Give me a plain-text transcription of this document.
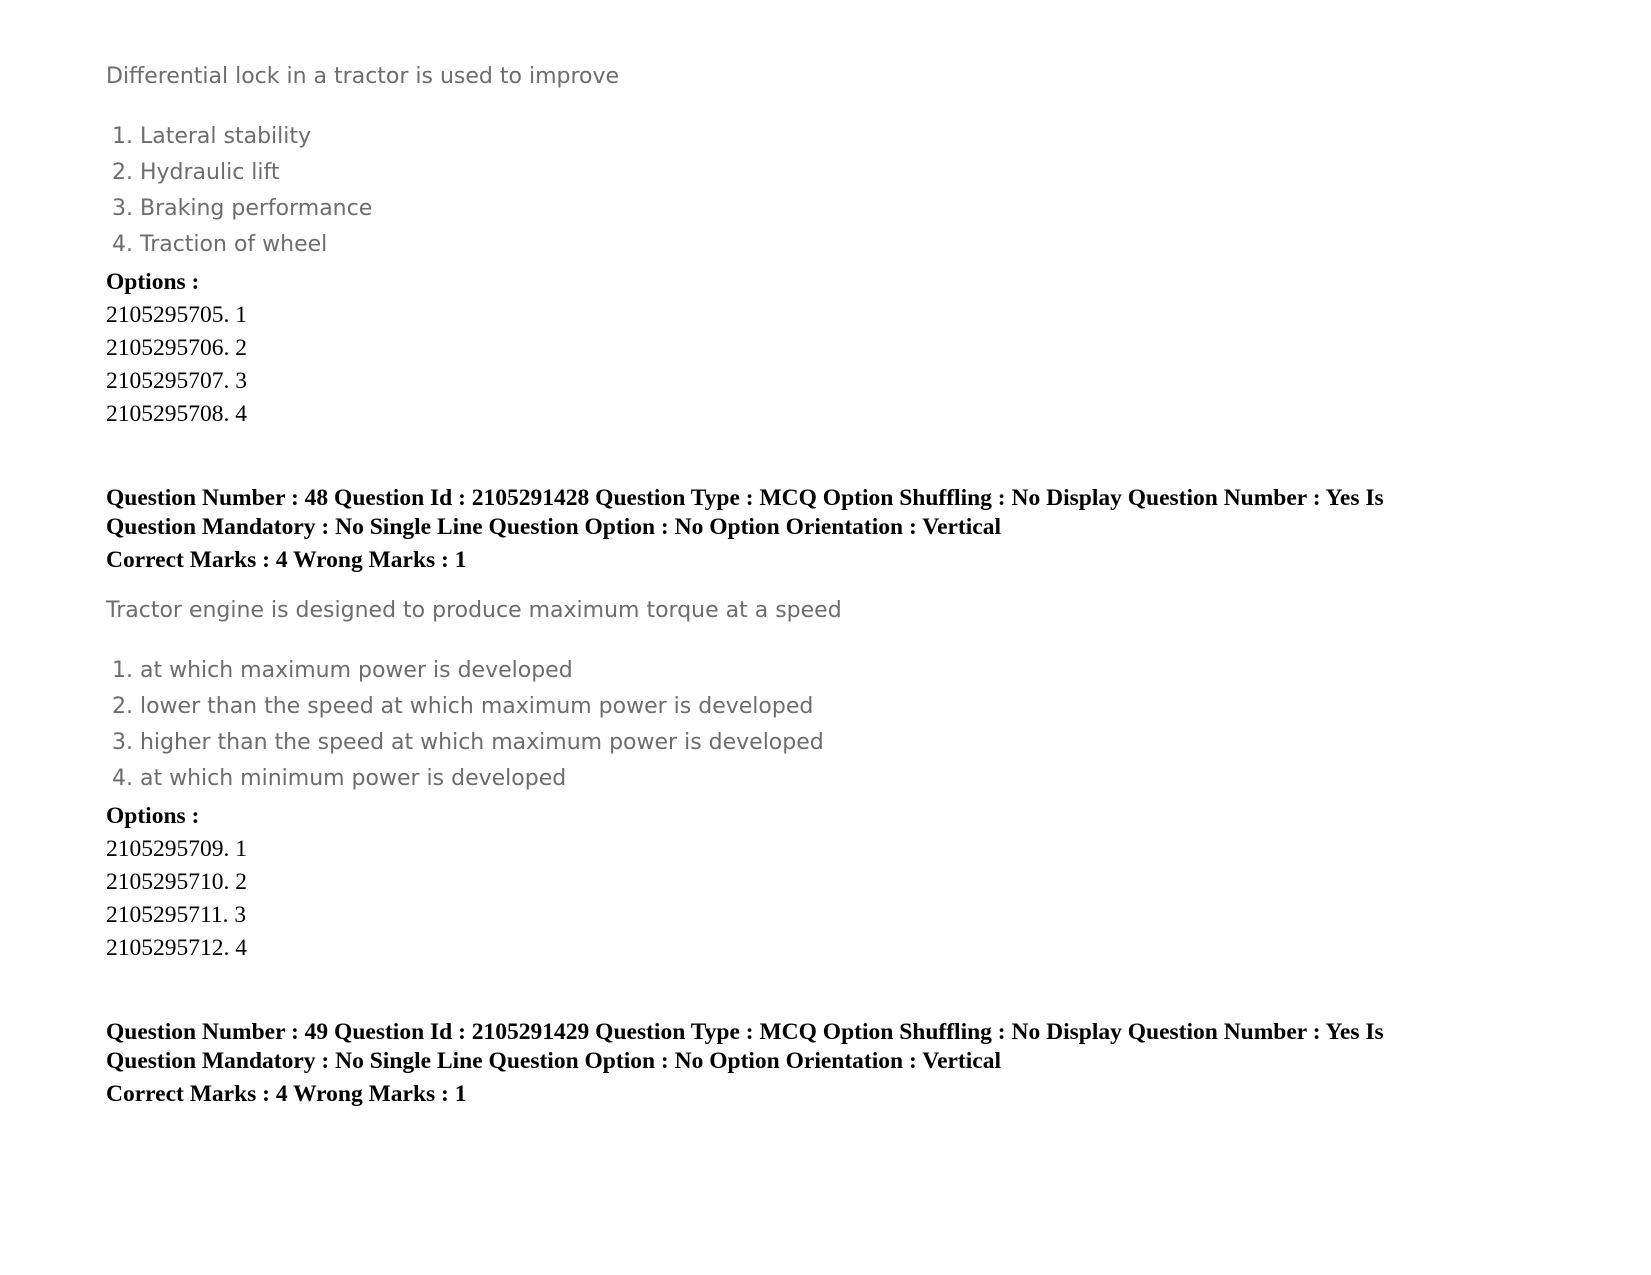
Differential lock in a tractor is used to improve
1. Lateral stability
2. Hydraulic lift
3. Braking performance
4. Traction of wheel
Options :
2105295705. 1
2105295706. 2
2105295707. 3
2105295708. 4
Question Number : 48 Question Id : 2105291428 Question Type : MCQ Option Shuffling : No Display Question Number : Yes Is
Question Mandatory : No Single Line Question Option : No Option Orientation : Vertical
Correct Marks : 4 Wrong Marks : 1
Tractor engine is designed to produce maximum torque at a speed
1. at which maximum power is developed
2. lower than the speed at which maximum power is developed
3. higher than the speed at which maximum power is developed
4. at which minimum power is developed
Options :
2105295709. 1
2105295710. 2
2105295711. 3
2105295712. 4
Question Number : 49 Question Id : 2105291429 Question Type : MCQ Option Shuffling : No Display Question Number : Yes Is
Question Mandatory : No Single Line Question Option : No Option Orientation : Vertical
Correct Marks : 4 Wrong Marks : 1
